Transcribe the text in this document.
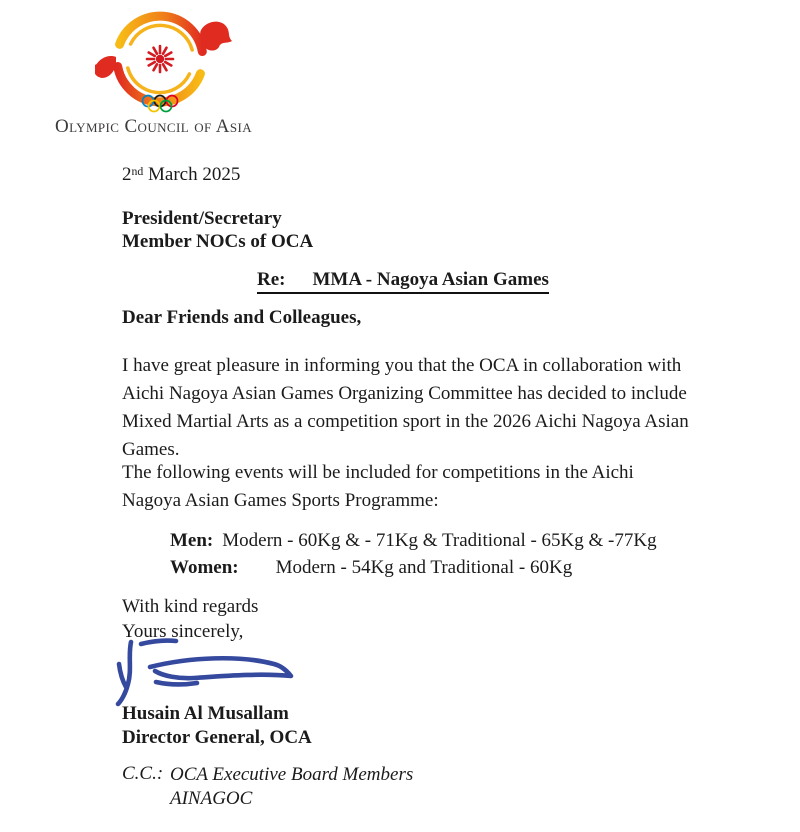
Olympic Council of Asia
2nd March 2025
President/Secretary
Member NOCs of OCA
Re: MMA - Nagoya Asian Games
Dear Friends and Colleagues,
I have great pleasure in informing you that the OCA in collaboration with Aichi Nagoya Asian Games Organizing Committee has decided to include Mixed Martial Arts as a competition sport in the 2026 Aichi Nagoya Asian Games.
The following events will be included for competitions in the Aichi Nagoya Asian Games Sports Programme:
Men: Modern - 60Kg & - 71Kg & Traditional - 65Kg & -77Kg
Women: Modern - 54Kg and Traditional - 60Kg
With kind regards
Yours sincerely,
Husain Al Musallam
Director General, OCA
C.C.: OCA Executive Board Members
AINAGOC
